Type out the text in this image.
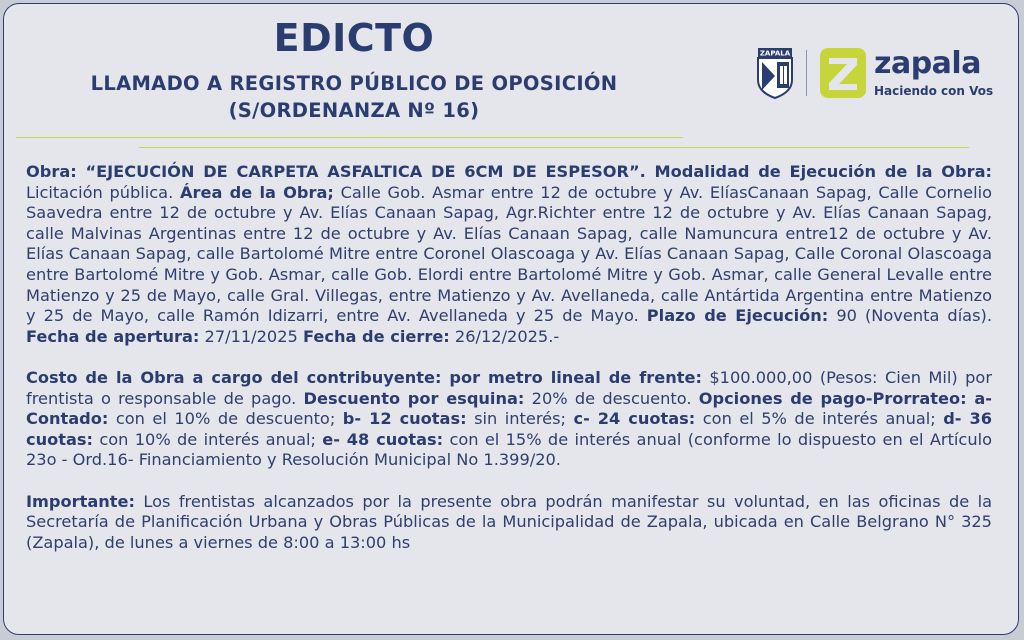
EDICTO
LLAMADO A REGISTRO PÚBLICO DE OPOSICIÓN
(S/ORDENANZA Nº 16)
ZAPALA	zapala
Haciendo con Vos

Obra: “EJECUCIÓN DE CARPETA ASFALTICA DE 6CM DE ESPESOR”. Modalidad de Ejecución de la Obra: Licitación pública. Área de la Obra; Calle Gob. Asmar entre 12 de octubre y Av. ElíasCanaan Sapag, Calle Cornelio Saavedra entre 12 de octubre y Av. Elías Canaan Sapag, Agr.Richter entre 12 de octubre y Av. Elías Canaan Sapag, calle Malvinas Argentinas entre 12 de octubre y Av. Elías Canaan Sapag, calle Namuncura entre12 de octubre y Av. Elías Canaan Sapag, calle Bartolomé Mitre entre Coronel Olascoaga y Av. Elías Canaan Sapag, Calle Coronal Olascoaga entre Bartolomé Mitre y Gob. Asmar, calle Gob. Elordi entre Bartolomé Mitre y Gob. Asmar, calle General Levalle entre Matienzo y 25 de Mayo, calle Gral. Villegas, entre Matienzo y Av. Avellaneda, calle Antártida Argentina entre Matienzo y 25 de Mayo, calle Ramón Idizarri, entre Av. Avellaneda y 25 de Mayo. Plazo de Ejecución: 90 (Noventa días). Fecha de apertura: 27/11/2025 Fecha de cierre: 26/12/2025.-

Costo de la Obra a cargo del contribuyente: por metro lineal de frente: $100.000,00 (Pesos: Cien Mil) por frentista o responsable de pago. Descuento por esquina: 20% de descuento. Opciones de pago-Prorrateo: a- Contado: con el 10% de descuento; b- 12 cuotas: sin interés; c- 24 cuotas: con el 5% de interés anual; d- 36 cuotas: con 10% de interés anual; e- 48 cuotas: con el 15% de interés anual (conforme lo dispuesto en el Artículo 23o - Ord.16- Financiamiento y Resolución Municipal No 1.399/20.

Importante: Los frentistas alcanzados por la presente obra podrán manifestar su voluntad, en las oficinas de la Secretaría de Planificación Urbana y Obras Públicas de la Municipalidad de Zapala, ubicada en Calle Belgrano N° 325 (Zapala), de lunes a viernes de 8:00 a 13:00 hs
